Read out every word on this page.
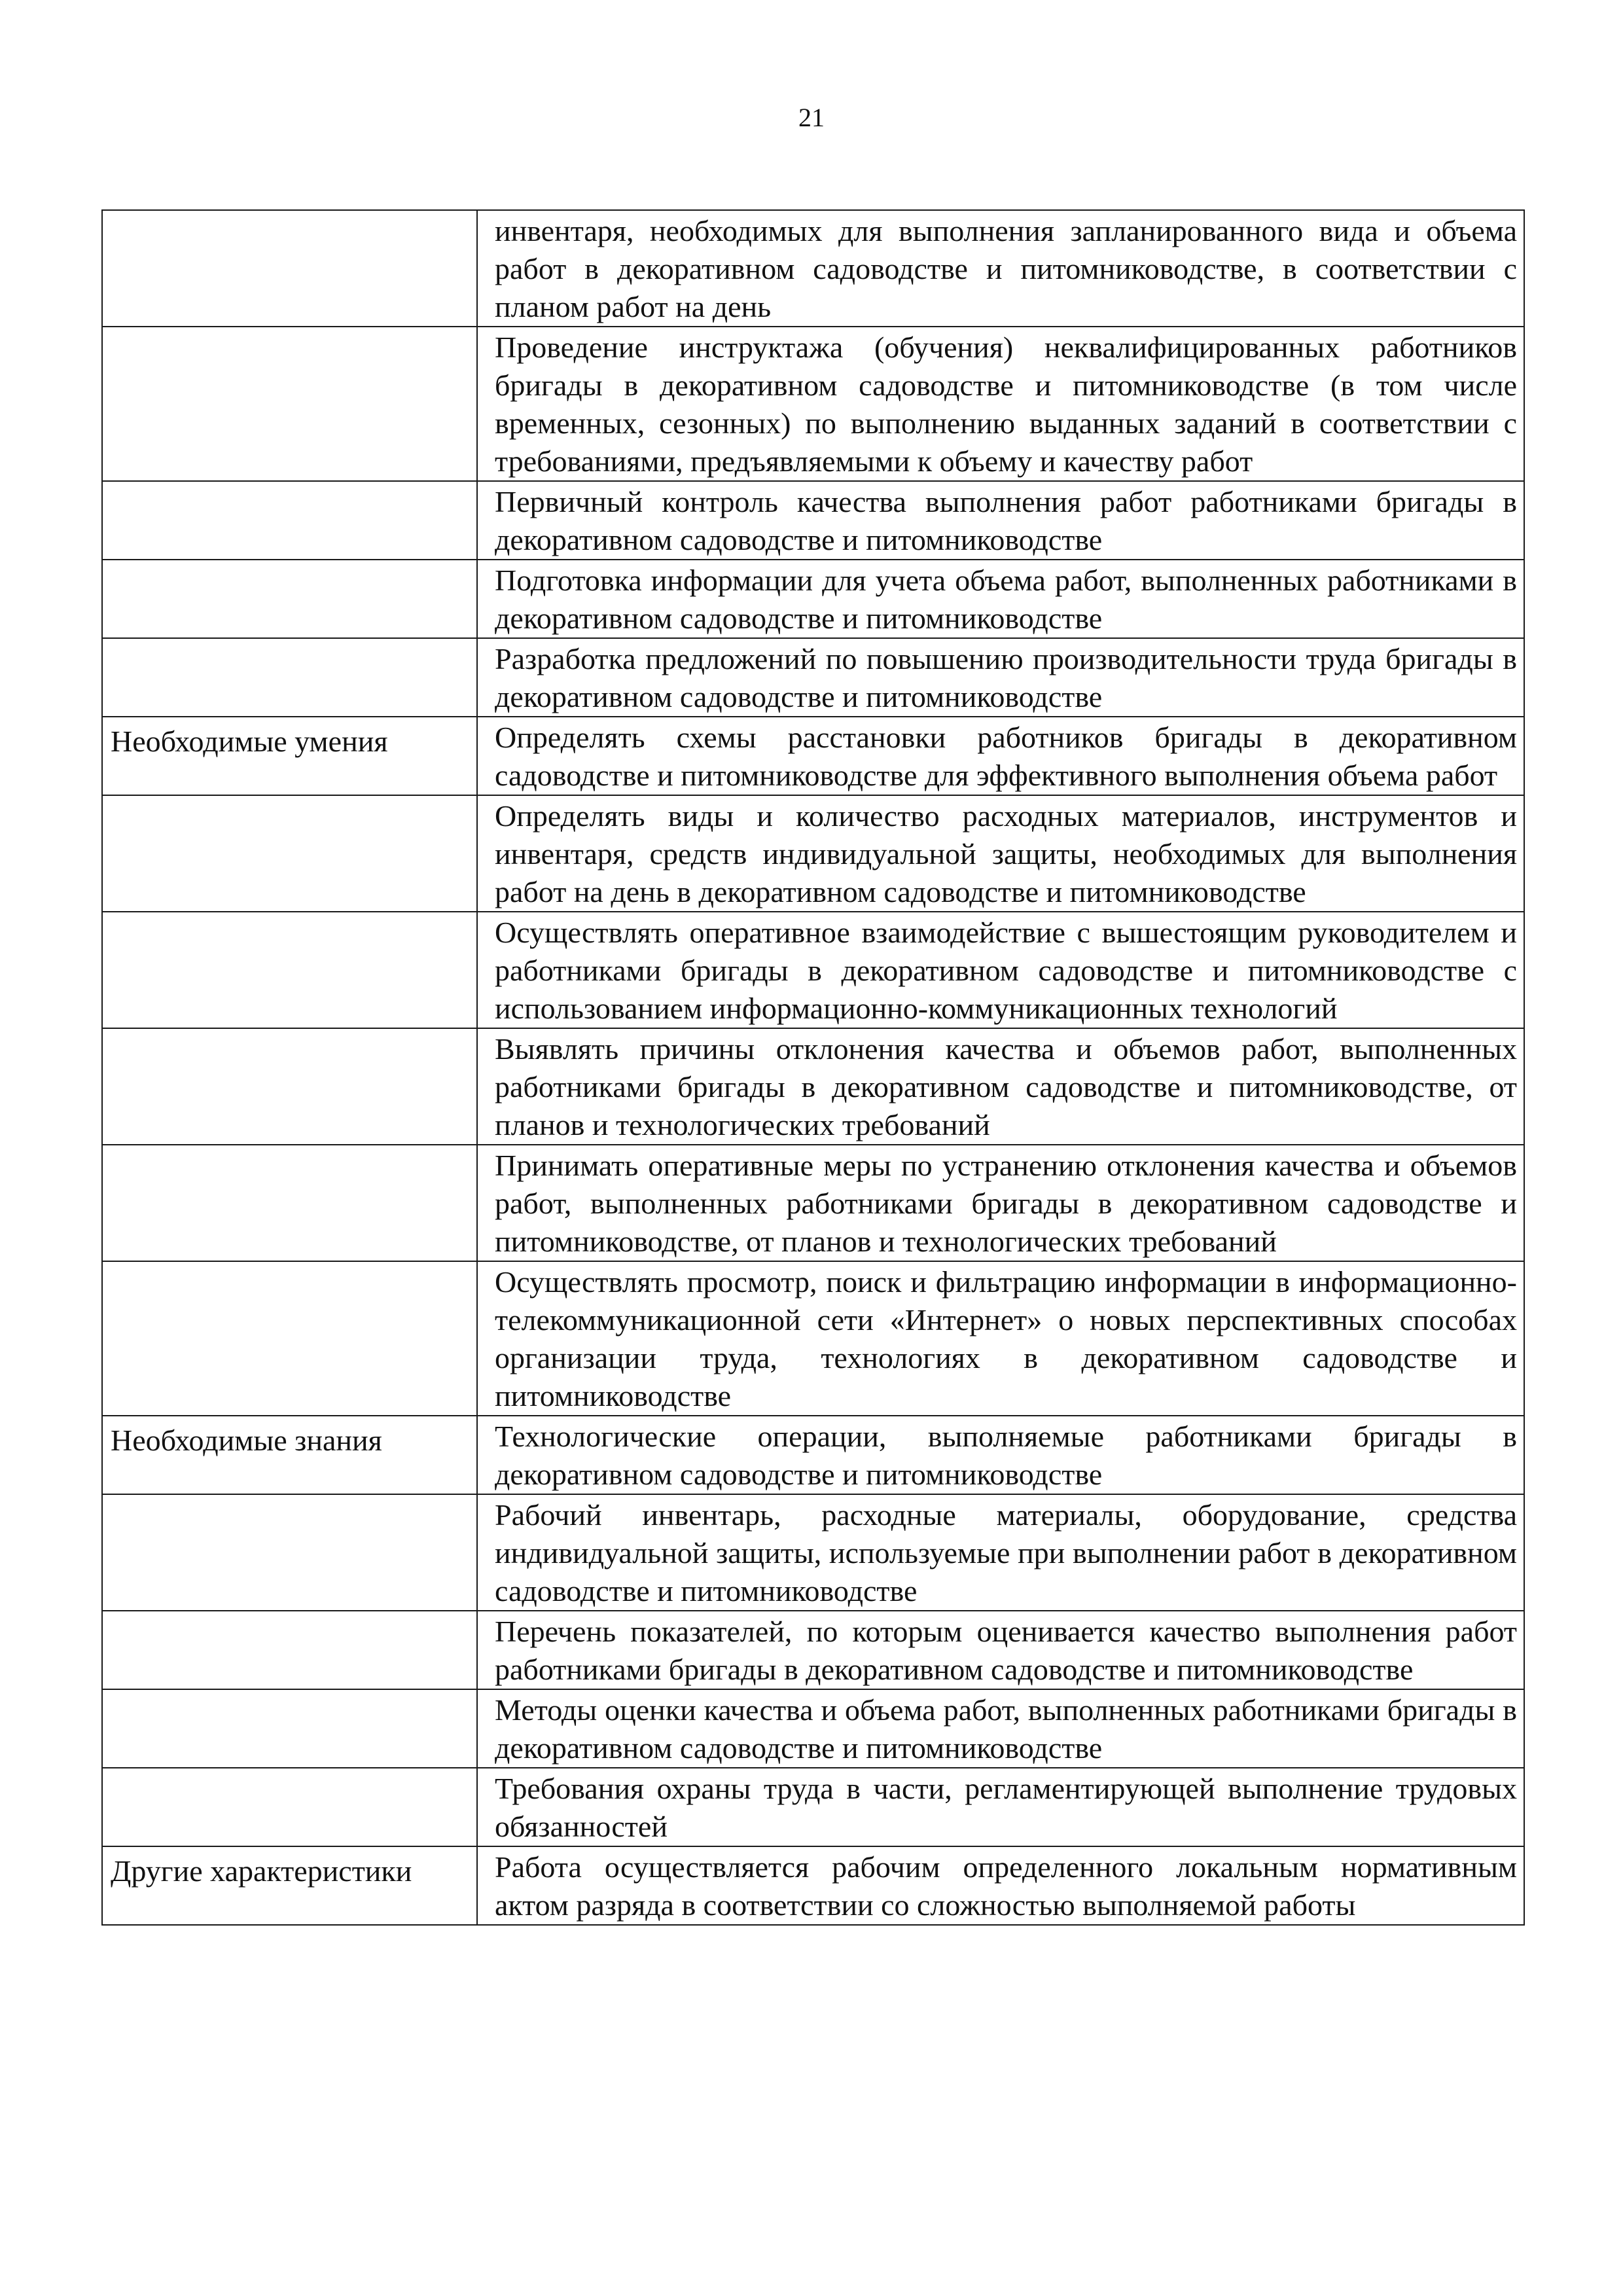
21
	инвентаря, необходимых для выполнения запланированного вида и объема работ в декоративном садоводстве и питомниководстве, в соответствии с планом работ на день
	Проведение инструктажа (обучения) неквалифицированных работников бригады в декоративном садоводстве и питомниководстве (в том числе временных, сезонных) по выполнению выданных заданий в соответствии с требованиями, предъявляемыми к объему и качеству работ
	Первичный контроль качества выполнения работ работниками бригады в декоративном садоводстве и питомниководстве
	Подготовка информации для учета объема работ, выполненных работниками в декоративном садоводстве и питомниководстве
	Разработка предложений по повышению производительности труда бригады в декоративном садоводстве и питомниководстве
Необходимые умения	Определять схемы расстановки работников бригады в декоративном садоводстве и питомниководстве для эффективного выполнения объема работ
	Определять виды и количество расходных материалов, инструментов и инвентаря, средств индивидуальной защиты, необходимых для выполнения работ на день в декоративном садоводстве и питомниководстве
	Осуществлять оперативное взаимодействие с вышестоящим руководителем и работниками бригады в декоративном садоводстве и питомниководстве с использованием информационно-коммуникационных технологий
	Выявлять причины отклонения качества и объемов работ, выполненных работниками бригады в декоративном садоводстве и питомниководстве, от планов и технологических требований
	Принимать оперативные меры по устранению отклонения качества и объемов работ, выполненных работниками бригады в декоративном садоводстве и питомниководстве, от планов и технологических требований
	Осуществлять просмотр, поиск и фильтрацию информации в информационно-телекоммуникационной сети «Интернет» о новых перспективных способах организации труда, технологиях в декоративном садоводстве и питомниководстве
Необходимые знания	Технологические операции, выполняемые работниками бригады в декоративном садоводстве и питомниководстве
	Рабочий инвентарь, расходные материалы, оборудование, средства индивидуальной защиты, используемые при выполнении работ в декоративном садоводстве и питомниководстве
	Перечень показателей, по которым оценивается качество выполнения работ работниками бригады в декоративном садоводстве и питомниководстве
	Методы оценки качества и объема работ, выполненных работниками бригады в декоративном садоводстве и питомниководстве
	Требования охраны труда в части, регламентирующей выполнение трудовых обязанностей
Другие характеристики	Работа осуществляется рабочим определенного локальным нормативным актом разряда в соответствии со сложностью выполняемой работы
